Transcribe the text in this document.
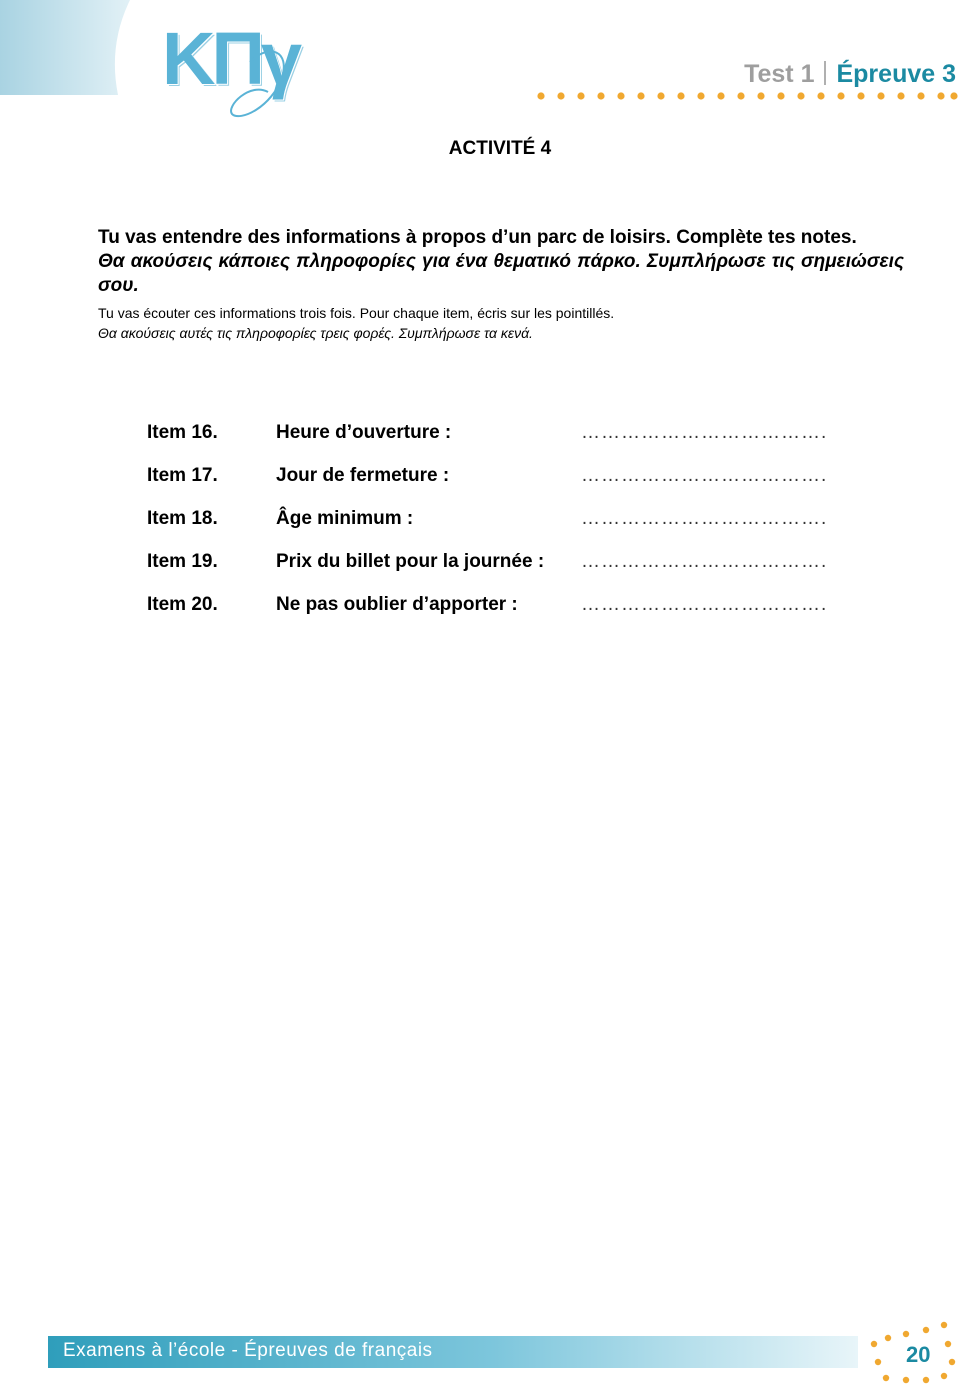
ΚΠγ	Test 1 Épreuve 3
ACTIVITÉ 4
Tu vas entendre des informations à propos d’un parc de loisirs. Complète tes notes.
Θα ακούσεις κάποιες πληροφορίες για ένα θεματικό πάρκο. Συμπλήρωσε τις σημειώσεις σου.
Tu vas écouter ces informations trois fois. Pour chaque item, écris sur les pointillés.
Θα ακούσεις αυτές τις πληροφορίες τρεις φορές. Συμπλήρωσε τα κενά.
Item 16.	Heure d’ouverture :	……………………………….
Item 17.	Jour de fermeture :	……………………………….
Item 18.	Âge minimum :	……………………………….
Item 19.	Prix du billet pour la journée : ……………………………….
Item 20.	Ne pas oublier d’apporter :	……………………………….
Examens à l’école - Épreuves de français	20
